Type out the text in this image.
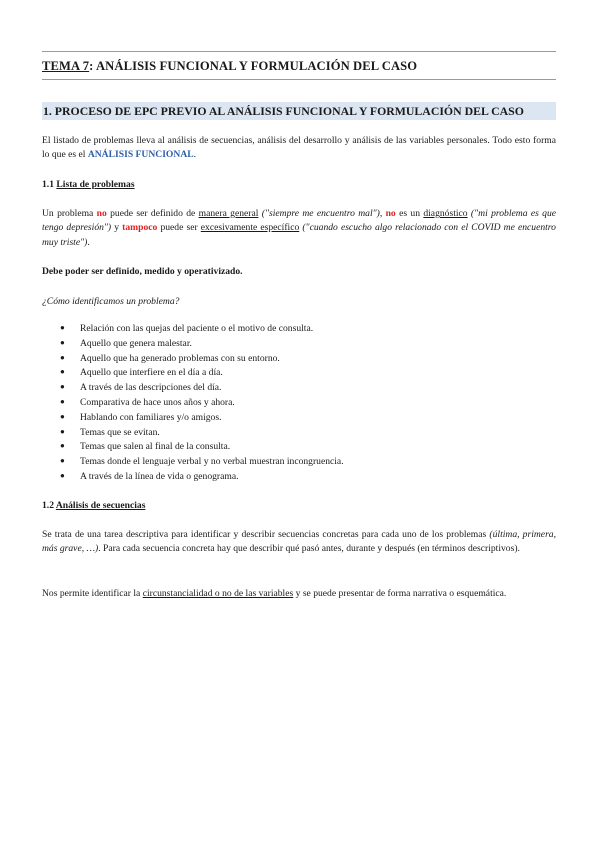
TEMA 7: ANÁLISIS FUNCIONAL Y FORMULACIÓN DEL CASO
1. PROCESO DE EPC PREVIO AL ANÁLISIS FUNCIONAL Y FORMULACIÓN DEL CASO
El listado de problemas lleva al análisis de secuencias, análisis del desarrollo y análisis de las variables personales. Todo esto forma lo que es el ANÁLISIS FUNCIONAL.
1.1 Lista de problemas
Un problema no puede ser definido de manera general ("siempre me encuentro mal"), no es un diagnóstico ("mi problema es que tengo depresión") y tampoco puede ser excesivamente específico ("cuando escucho algo relacionado con el COVID me encuentro muy triste").
Debe poder ser definido, medido y operativizado.
¿Cómo identificamos un problema?
● Relación con las quejas del paciente o el motivo de consulta.
● Aquello que genera malestar.
● Aquello que ha generado problemas con su entorno.
● Aquello que interfiere en el día a día.
● A través de las descripciones del día.
● Comparativa de hace unos años y ahora.
● Hablando con familiares y/o amigos.
● Temas que se evitan.
● Temas que salen al final de la consulta.
● Temas donde el lenguaje verbal y no verbal muestran incongruencia.
● A través de la línea de vida o genograma.
1.2 Análisis de secuencias
Se trata de una tarea descriptiva para identificar y describir secuencias concretas para cada uno de los problemas (última, primera, más grave, …). Para cada secuencia concreta hay que describir qué pasó antes, durante y después (en términos descriptivos).
Nos permite identificar la circunstancialidad o no de las variables y se puede presentar de forma narrativa o esquemática.
